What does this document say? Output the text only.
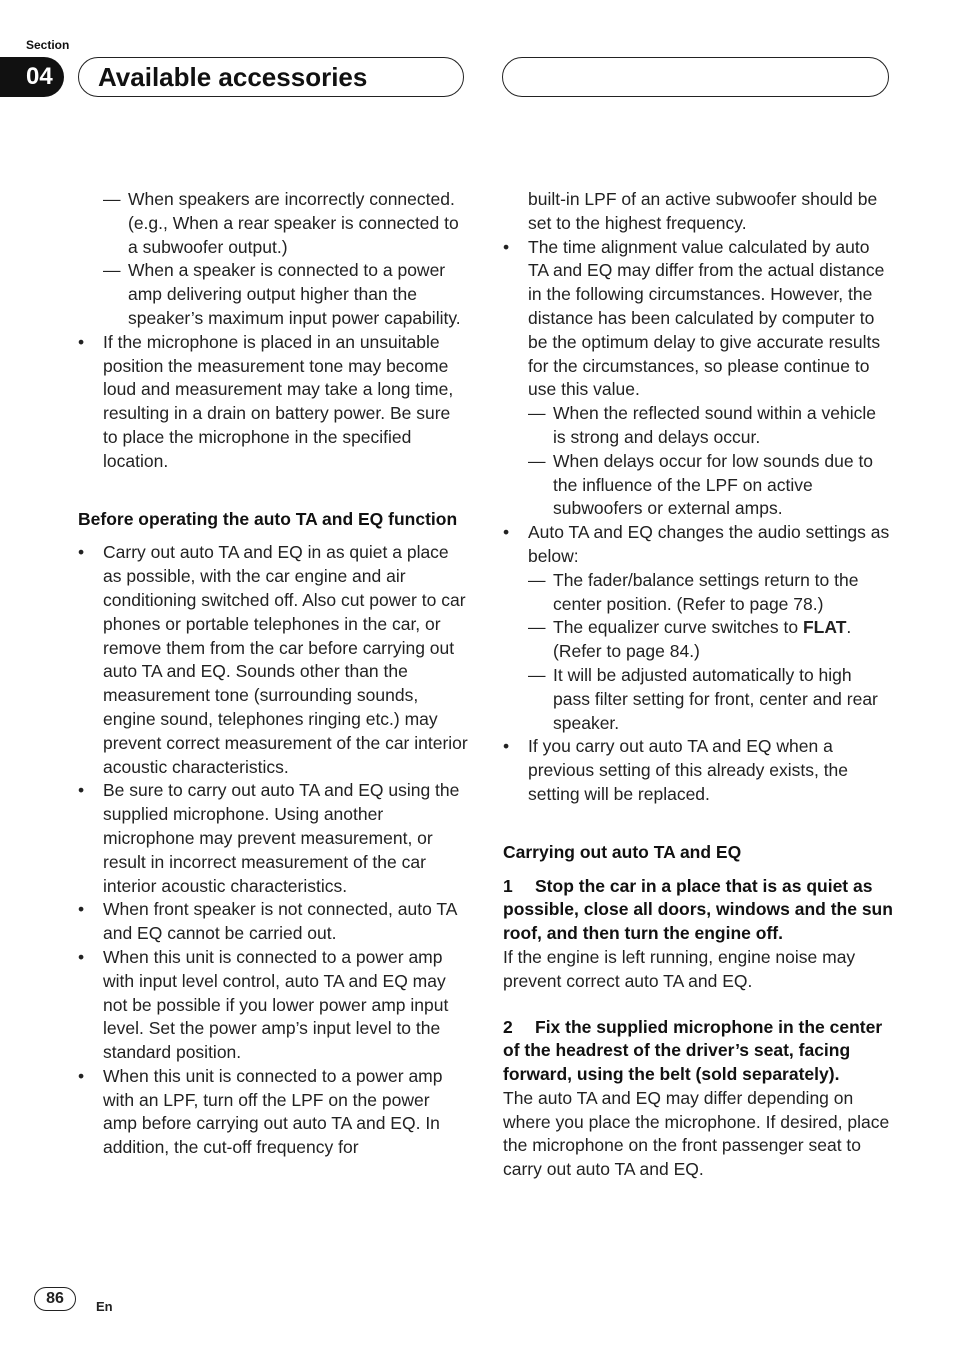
Section
04	Available accessories

— When speakers are incorrectly connected. (e.g., When a rear speaker is connected to a subwoofer output.)

— When a speaker is connected to a power amp delivering output higher than the speaker’s maximum input power capability.

• If the microphone is placed in an unsuitable position the measurement tone may become loud and measurement may take a long time, resulting in a drain on battery power. Be sure to place the microphone in the specified location.

Before operating the auto TA and EQ function

• Carry out auto TA and EQ in as quiet a place as possible, with the car engine and air conditioning switched off. Also cut power to car phones or portable telephones in the car, or remove them from the car before carrying out auto TA and EQ. Sounds other than the measurement tone (surrounding sounds, engine sound, telephones ringing etc.) may prevent correct measurement of the car interior acoustic characteristics.

• Be sure to carry out auto TA and EQ using the supplied microphone. Using another microphone may prevent measurement, or result in incorrect measurement of the car interior acoustic characteristics.

• When front speaker is not connected, auto TA and EQ cannot be carried out.

• When this unit is connected to a power amp with input level control, auto TA and EQ may not be possible if you lower power amp input level. Set the power amp’s input level to the standard position.

• When this unit is connected to a power amp with an LPF, turn off the LPF on the power amp before carrying out auto TA and EQ. In addition, the cut-off frequency for

built-in LPF of an active subwoofer should be set to the highest frequency.

• The time alignment value calculated by auto TA and EQ may differ from the actual distance in the following circumstances. However, the distance has been calculated by computer to be the optimum delay to give accurate results for the circumstances, so please continue to use this value.

— When the reflected sound within a vehicle is strong and delays occur.

— When delays occur for low sounds due to the influence of the LPF on active subwoofers or external amps.

• Auto TA and EQ changes the audio settings as below:

— The fader/balance settings return to the center position. (Refer to page 78.)

— The equalizer curve switches to FLAT. (Refer to page 84.)

— It will be adjusted automatically to high pass filter setting for front, center and rear speaker.

• If you carry out auto TA and EQ when a previous setting of this already exists, the setting will be replaced.

Carrying out auto TA and EQ

1 Stop the car in a place that is as quiet as possible, close all doors, windows and the sun roof, and then turn the engine off.

If the engine is left running, engine noise may prevent correct auto TA and EQ.

2 Fix the supplied microphone in the center of the headrest of the driver’s seat, facing forward, using the belt (sold separately).

The auto TA and EQ may differ depending on where you place the microphone. If desired, place the microphone on the front passenger seat to carry out auto TA and EQ.

86	En
